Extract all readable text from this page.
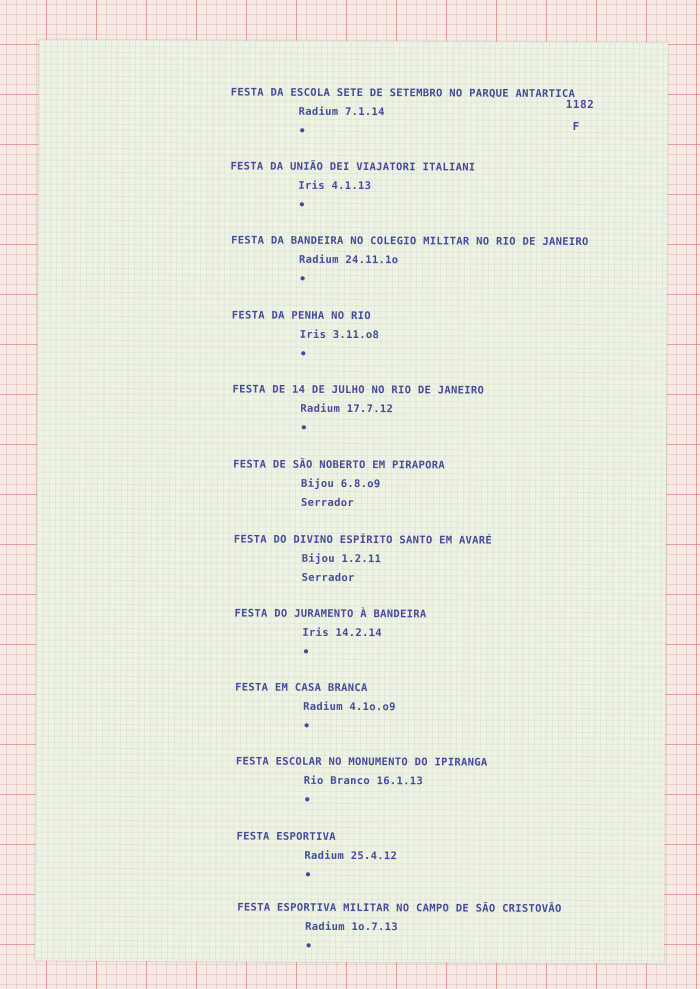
1182
F
FESTA DA ESCOLA SETE DE SETEMBRO NO PARQUE ANTARTICA
Radium 7.1.14
•
FESTA DA UNIÃO DEI VIAJATORI ITALIANI
Iris 4.1.13
•
FESTA DA BANDEIRA NO COLEGIO MILITAR NO RIO DE JANEIRO
Radium 24.11.1o
•
FESTA DA PENHA NO RIO
Iris 3.11.o8
•
FESTA DE 14 DE JULHO NO RIO DE JANEIRO
Radium 17.7.12
•
FESTA DE SÃO NOBERTO EM PIRAPORA
Bijou 6.8.o9
Serrador
FESTA DO DIVINO ESPÍRITO SANTO EM AVARÉ
Bijou 1.2.11
Serrador
FESTA DO JURAMENTO À BANDEIRA
Iris 14.2.14
•
FESTA EM CASA BRANCA
Radium 4.1o.o9
•
FESTA ESCOLAR NO MONUMENTO DO IPIRANGA
Rio Branco 16.1.13
•
FESTA ESPORTIVA
Radium 25.4.12
•
FESTA ESPORTIVA MILITAR NO CAMPO DE SÃO CRISTOVÃO
Radium 1o.7.13
•
